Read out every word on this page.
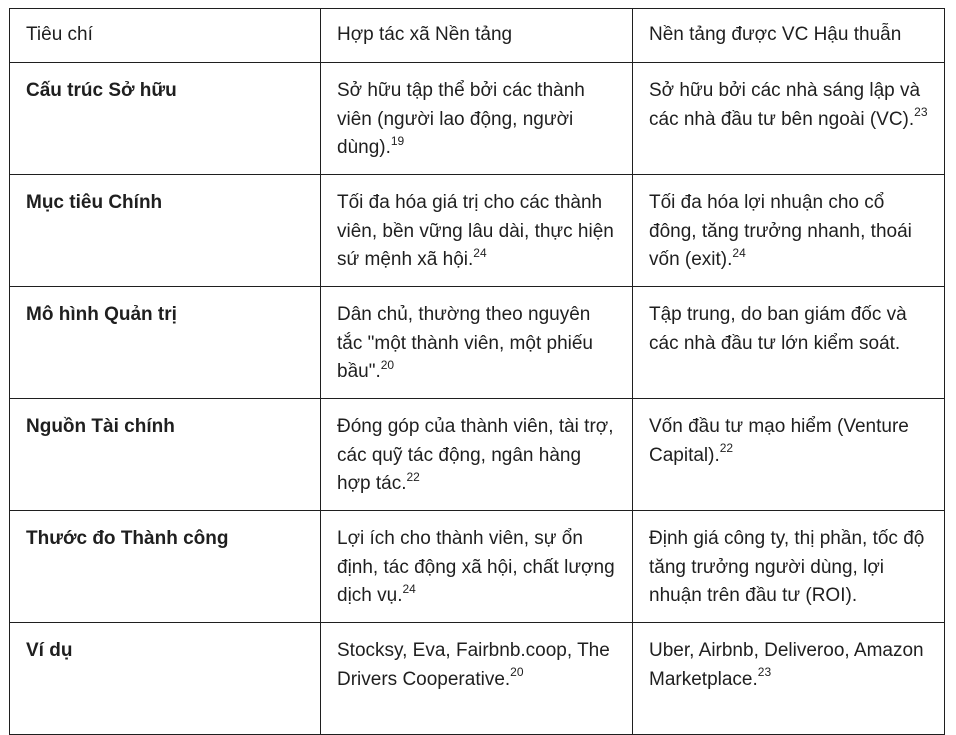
Tiêu chí	Hợp tác xã Nền tảng	Nền tảng được VC Hậu thuẫn
Cấu trúc Sở hữu	Sở hữu tập thể bởi các thành viên (người lao động, người dùng).$^{19}$	Sở hữu bởi các nhà sáng lập và các nhà đầu tư bên ngoài (VC).$^{23}$
Mục tiêu Chính	Tối đa hóa giá trị cho các thành viên, bền vững lâu dài, thực hiện sứ mệnh xã hội.$^{24}$	Tối đa hóa lợi nhuận cho cổ đông, tăng trưởng nhanh, thoái vốn (exit).$^{24}$
Mô hình Quản trị	Dân chủ, thường theo nguyên tắc "một thành viên, một phiếu bầu".$^{20}$	Tập trung, do ban giám đốc và các nhà đầu tư lớn kiểm soát.
Nguồn Tài chính	Đóng góp của thành viên, tài trợ, các quỹ tác động, ngân hàng hợp tác.$^{22}$	Vốn đầu tư mạo hiểm (Venture Capital).$^{22}$
Thước đo Thành công	Lợi ích cho thành viên, sự ổn định, tác động xã hội, chất lượng dịch vụ.$^{24}$	Định giá công ty, thị phần, tốc độ tăng trưởng người dùng, lợi nhuận trên đầu tư (ROI).
Ví dụ	Stocksy, Eva, Fairbnb.coop, The Drivers Cooperative.$^{20}$	Uber, Airbnb, Deliveroo, Amazon Marketplace.$^{23}$
